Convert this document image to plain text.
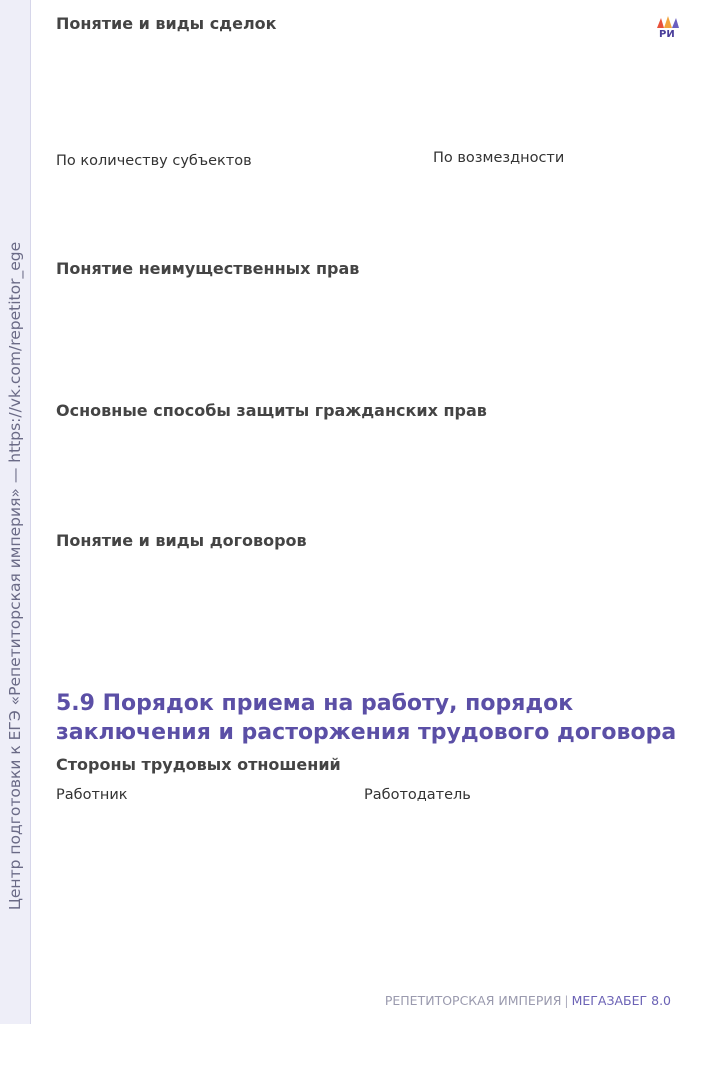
Центр подготовки к ЕГЭ «Репетиторская империя» — https://vk.com/repetitor_ege
РИ
Понятие и виды сделок
По количеству субъектов	По возмездности
Понятие неимущественных прав
Основные способы защиты гражданских прав
Понятие и виды договоров
5.9 Порядок приема на работу, порядок
заключения и расторжения трудового договора
Стороны трудовых отношений
Работник	Работодатель
РЕПЕТИТОРСКАЯ ИМПЕРИЯ | МЕГАЗАБЕГ 8.0
